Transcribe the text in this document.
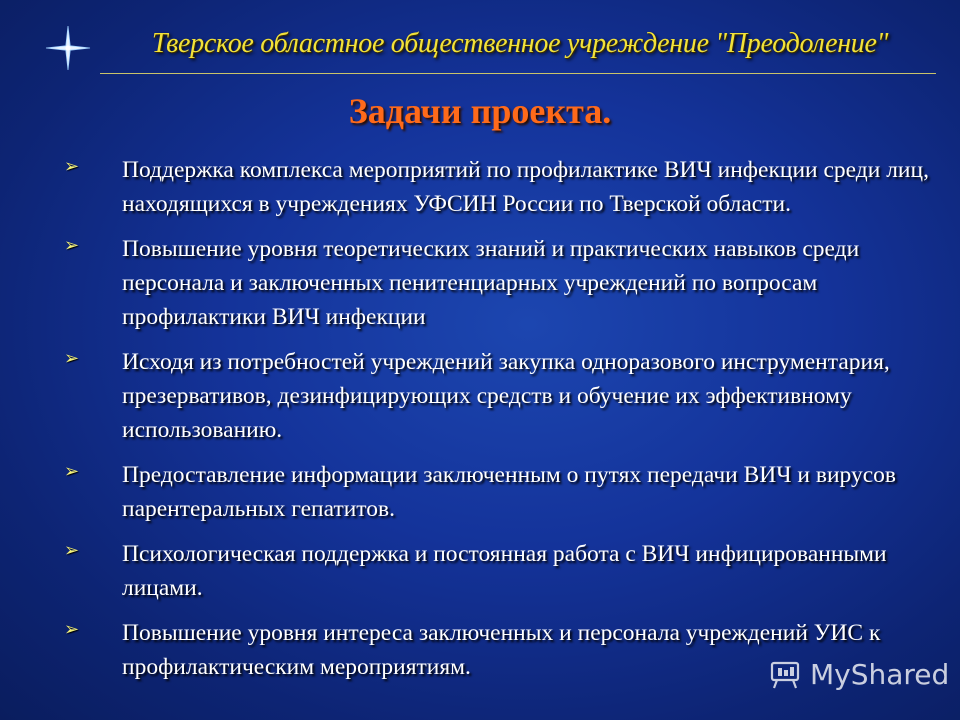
Тверское областное общественное учреждение "Преодоление"
Задачи проекта.
➢ Поддержка комплекса мероприятий по профилактике ВИЧ инфекции среди лиц, находящихся в учреждениях УФСИН России по Тверской области.
➢ Повышение уровня теоретических знаний и практических навыков среди персонала и заключенных пенитенциарных учреждений по вопросам профилактики ВИЧ инфекции
➢ Исходя из потребностей учреждений закупка одноразового инструментария, презервативов, дезинфицирующих средств и обучение их эффективному использованию.
➢ Предоставление информации заключенным о путях передачи ВИЧ и вирусов парентеральных гепатитов.
➢ Психологическая поддержка и постоянная работа с ВИЧ инфицированными лицами.
➢ Повышение уровня интереса заключенных и персонала учреждений УИС к профилактическим мероприятиям.	MyShared
